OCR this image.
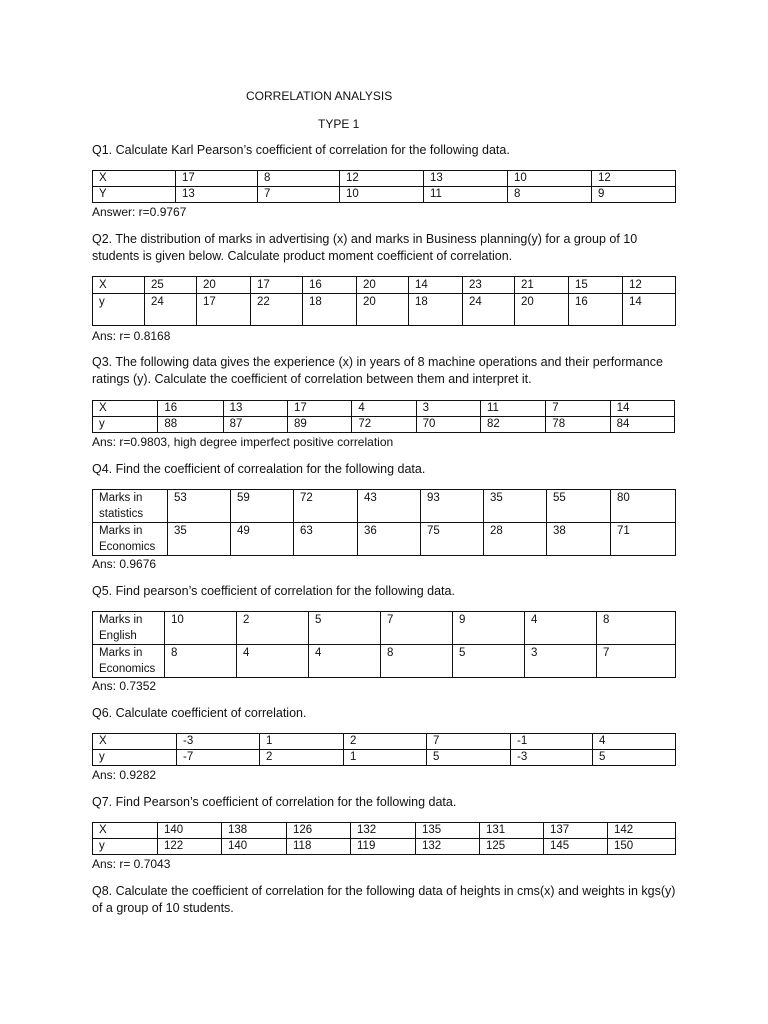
CORRELATION ANALYSIS
TYPE 1
Q1. Calculate Karl Pearson’s coefficient of correlation for the following data.
X	17	8	12	13	10	12
Y	13	7	10	11	8	9
Answer: r=0.9767
Q2. The distribution of marks in advertising (x) and marks in Business planning(y) for a group of 10 students is given below. Calculate product moment coefficient of correlation.
X	25	20	17	16	20	14	23	21	15	12
y	24	17	22	18	20	18	24	20	16	14
Ans: r= 0.8168
Q3. The following data gives the experience (x) in years of 8 machine operations and their performance ratings (y). Calculate the coefficient of correlation between them and interpret it.
X	16	13	17	4	3	11	7	14
y	88	87	89	72	70	82	78	84
Ans: r=0.9803, high degree imperfect positive correlation
Q4. Find the coefficient of correalation for the following data.
Marks in statistics	53	59	72	43	93	35	55	80
Marks in Economics	35	49	63	36	75	28	38	71
Ans: 0.9676
Q5. Find pearson’s coefficient of correlation for the following data.
Marks in English	10	2	5	7	9	4	8
Marks in Economics	8	4	4	8	5	3	7
Ans: 0.7352
Q6. Calculate coefficient of correlation.
X	-3	1	2	7	-1	4
y	-7	2	1	5	-3	5
Ans: 0.9282
Q7. Find Pearson’s coefficient of correlation for the following data.
X	140	138	126	132	135	131	137	142
y	122	140	118	119	132	125	145	150
Ans: r= 0.7043
Q8. Calculate the coefficient of correlation for the following data of heights in cms(x) and weights in kgs(y) of a group of 10 students.
